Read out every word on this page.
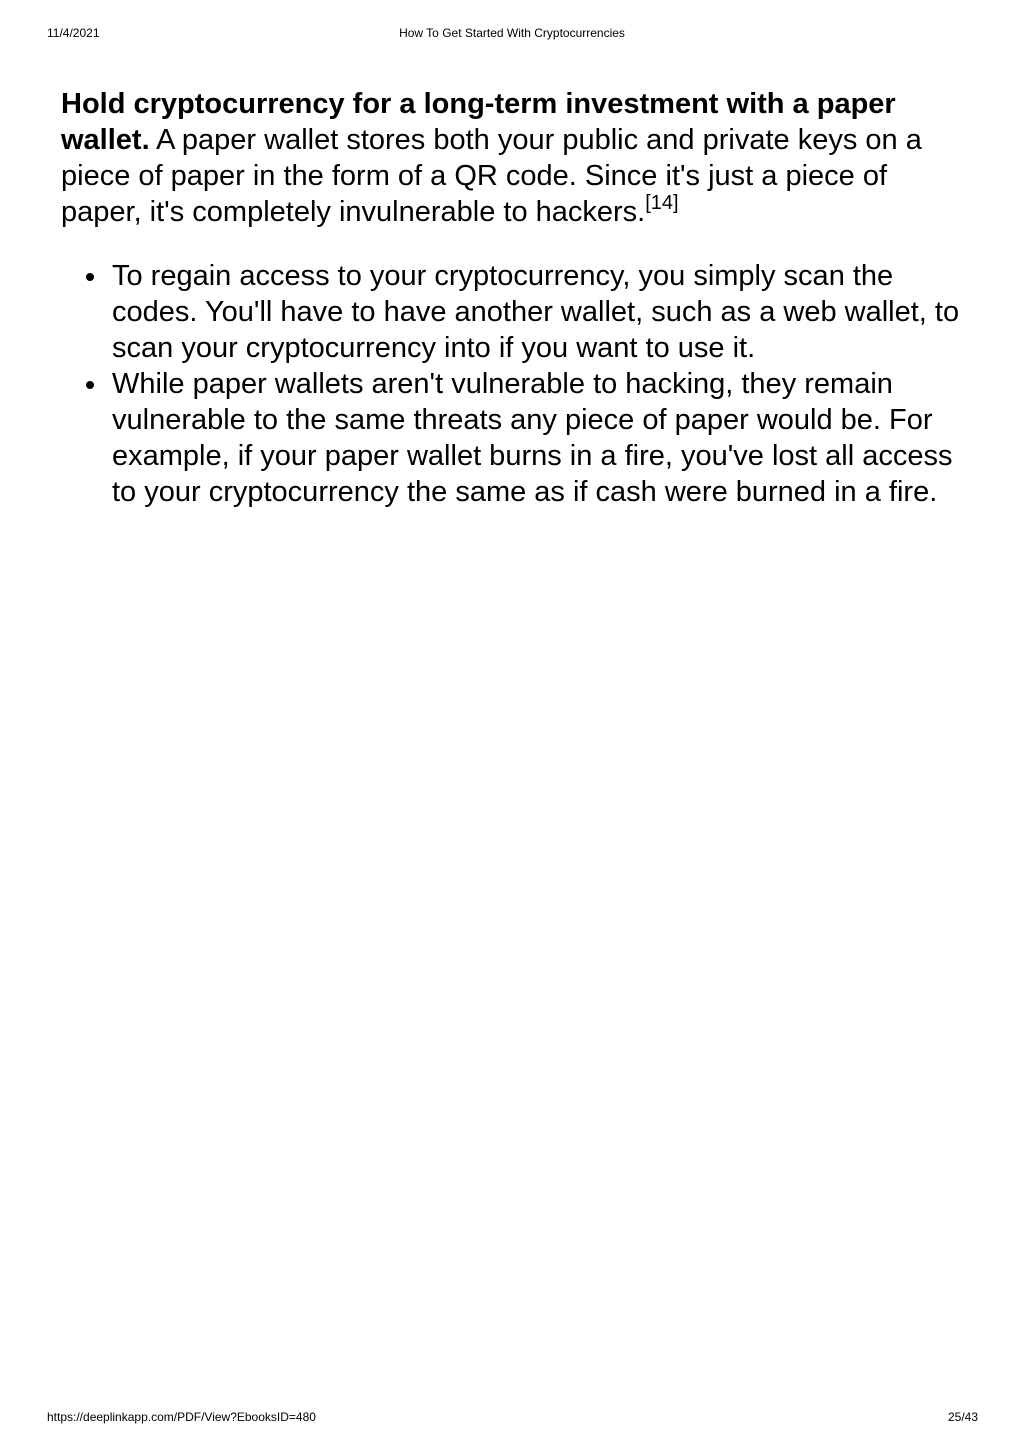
11/4/2021	How To Get Started With Cryptocurrencies

Hold cryptocurrency for a long-term investment with a paper wallet. A paper wallet stores both your public and private keys on a piece of paper in the form of a QR code. Since it's just a piece of paper, it's completely invulnerable to hackers.[14]

To regain access to your cryptocurrency, you simply scan the codes. You'll have to have another wallet, such as a web wallet, to scan your cryptocurrency into if you want to use it.
While paper wallets aren't vulnerable to hacking, they remain vulnerable to the same threats any piece of paper would be. For example, if your paper wallet burns in a fire, you've lost all access to your cryptocurrency the same as if cash were burned in a fire.
https://deeplinkapp.com/PDF/View?EbooksID=480	25/43
